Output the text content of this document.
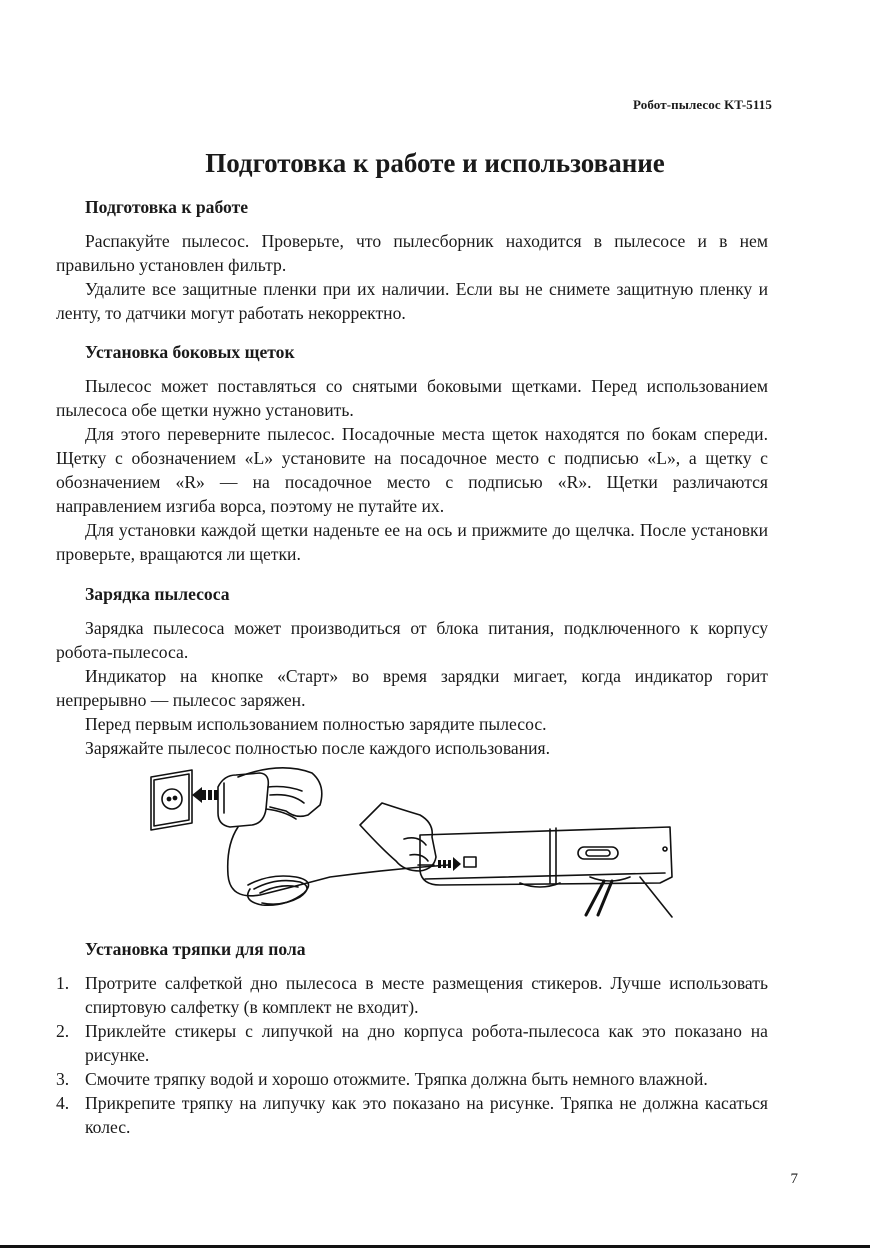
Робот-пылесос KT-5115
Подготовка к работе и использование
Подготовка к работе

Распакуйте пылесос. Проверьте, что пылесборник находится в пылесосе и в нем правильно установлен фильтр.

Удалите все защитные пленки при их наличии. Если вы не снимете защитную пленку и ленту, то датчики могут работать некорректно.

Установка боковых щеток

Пылесос может поставляться со снятыми боковыми щетками. Перед использованием пылесоса обе щетки нужно установить.

Для этого переверните пылесос. Посадочные места щеток находятся по бокам спереди. Щетку с обозначением «L» установите на посадочное место с подписью «L», а щетку с обозначением «R» — на посадочное место с подписью «R». Щетки различаются направлением изгиба ворса, поэтому не путайте их.

Для установки каждой щетки наденьте ее на ось и прижмите до щелчка. После установки проверьте, вращаются ли щетки.

Зарядка пылесоса

Зарядка пылесоса может производиться от блока питания, подключенного к корпусу робота-пылесоса.

Индикатор на кнопке «Старт» во время зарядки мигает, когда индикатор горит непрерывно — пылесос заряжен.

Перед первым использованием полностью зарядите пылесос.

Заряжайте пылесос полностью после каждого использования.

Установка тряпки для пола
1. Протрите салфеткой дно пылесоса в месте размещения стикеров. Лучше использовать спиртовую салфетку (в комплект не входит).
2. Приклейте стикеры с липучкой на дно корпуса робота-пылесоса как это показано на рисунке.
3. Смочите тряпку водой и хорошо отожмите. Тряпка должна быть немного влажной.
4. Прикрепите тряпку на липучку как это показано на рисунке. Тряпка не должна касаться колес.
7
